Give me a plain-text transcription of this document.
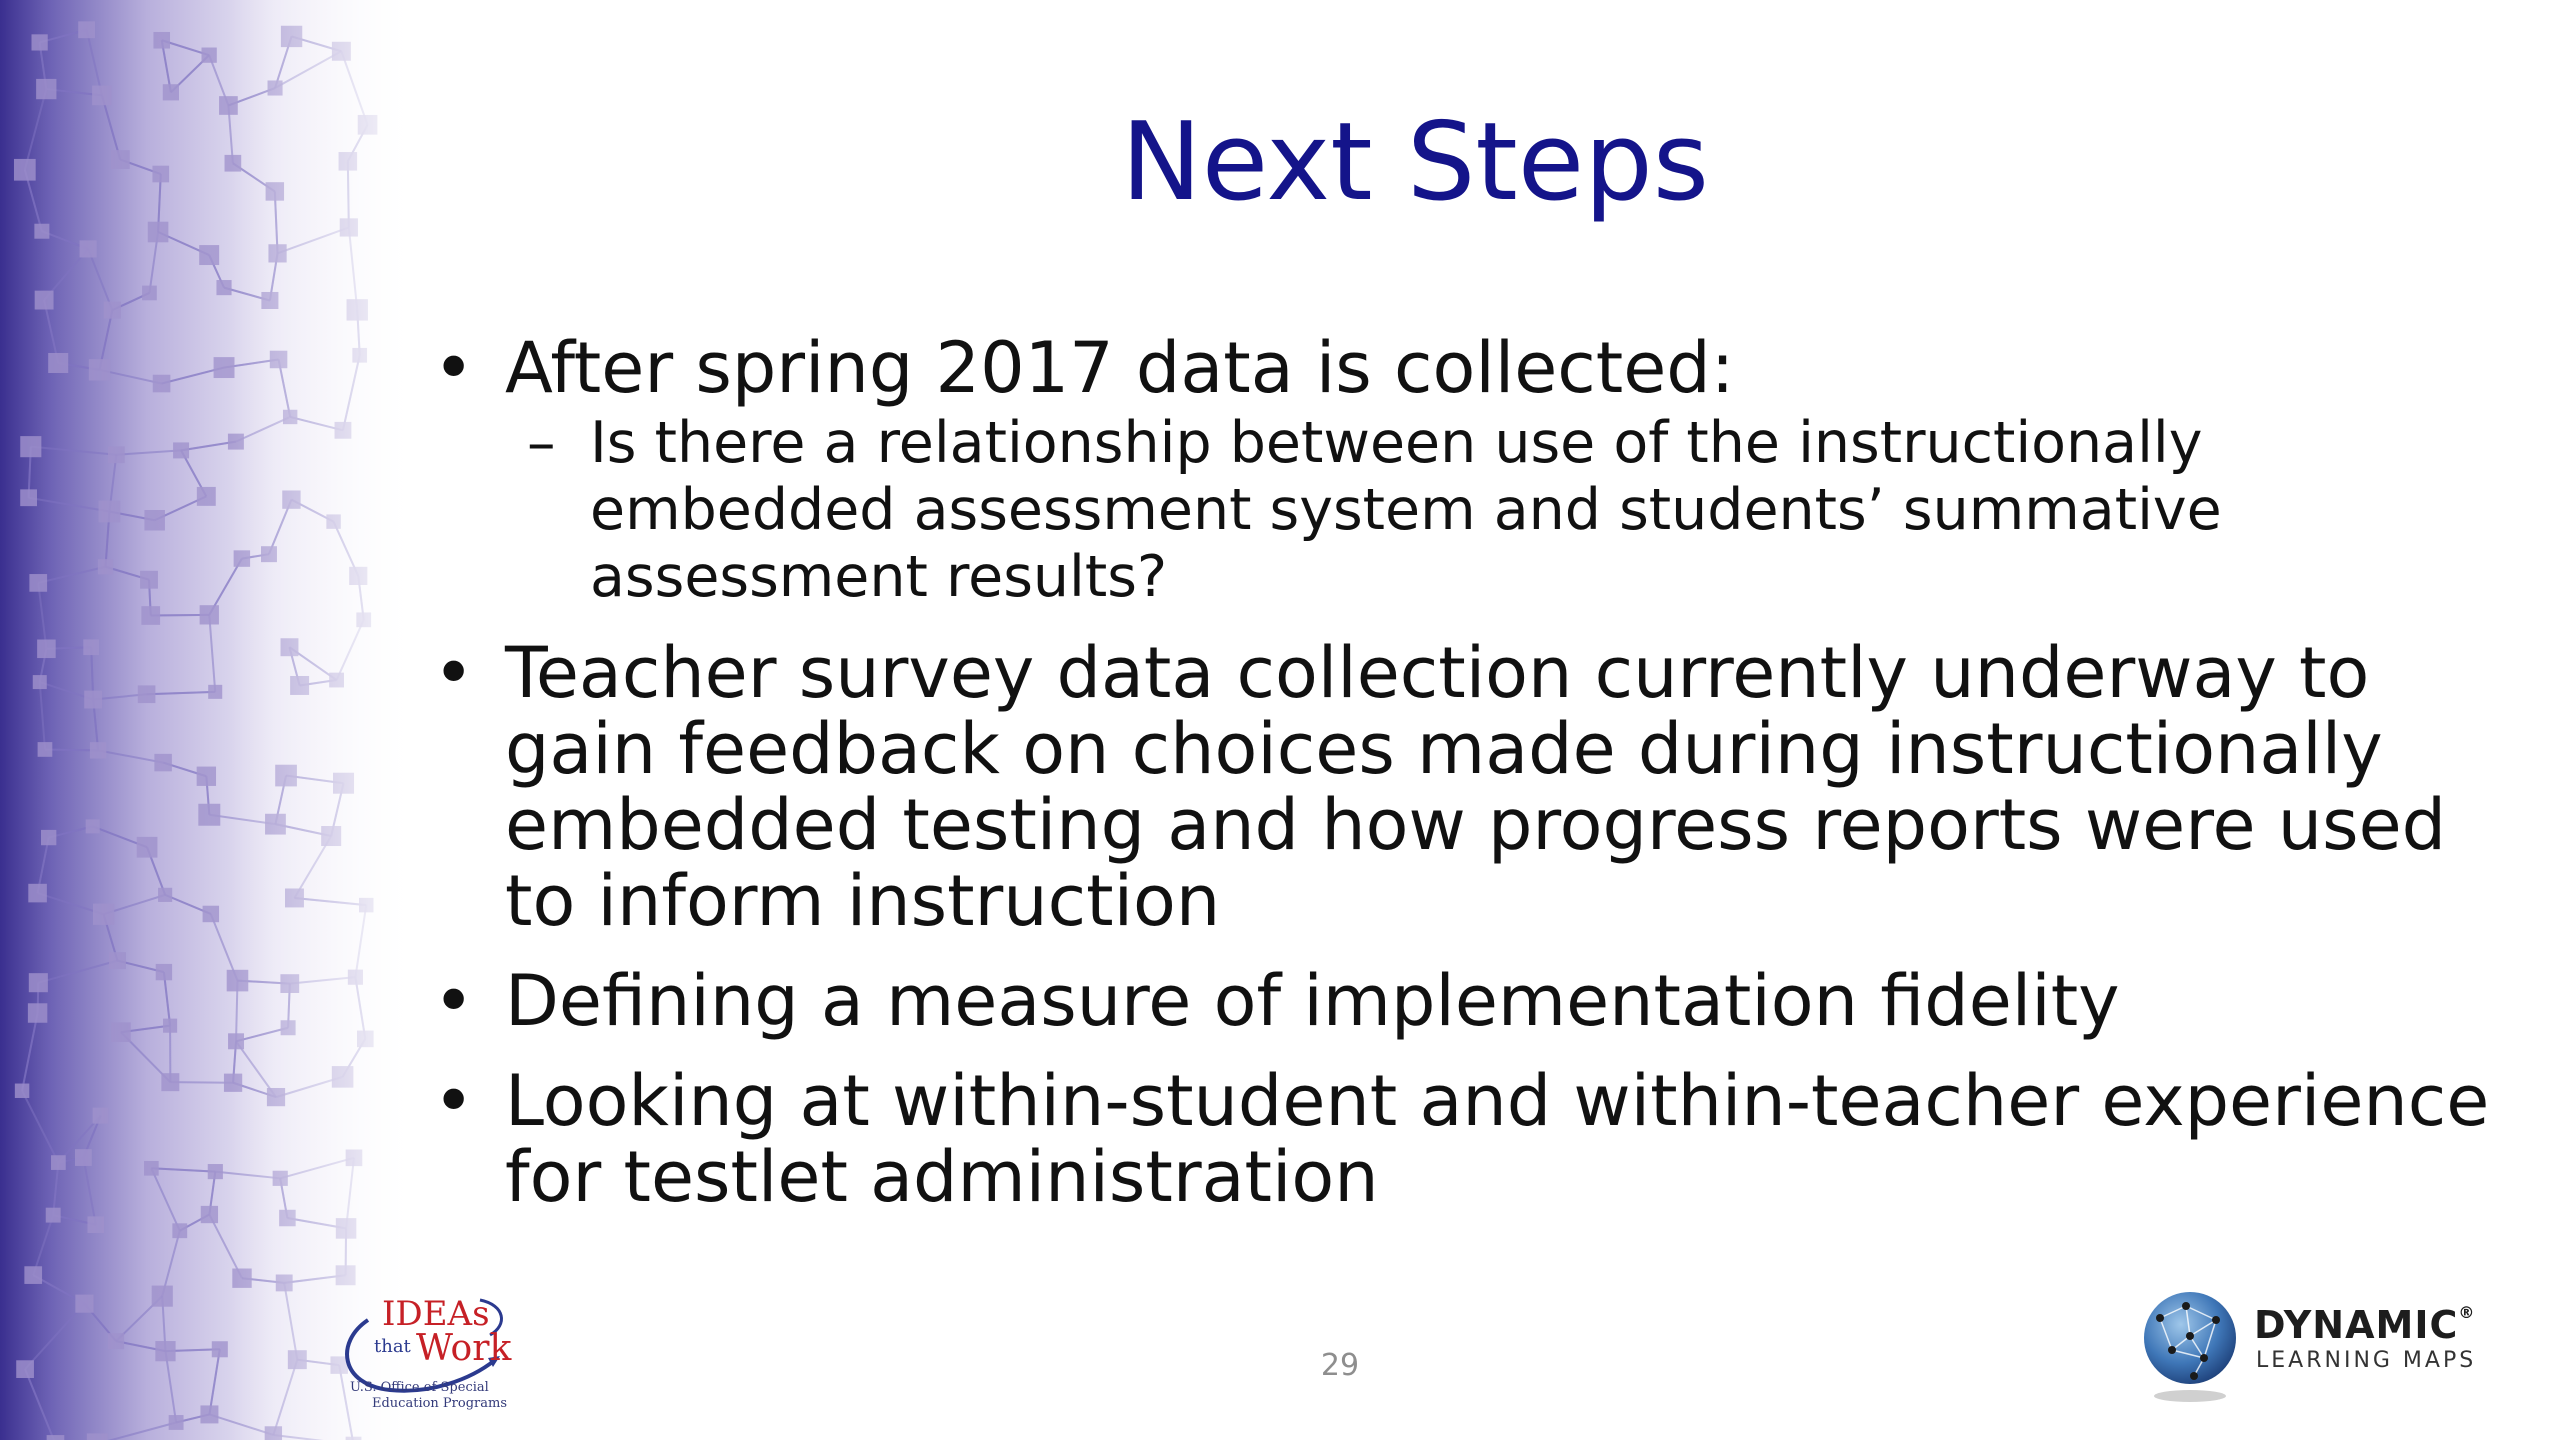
Next Steps
• After spring 2017 data is collected:
– Is there a relationship between use of the instructionally embedded assessment system and students’ summative assessment results?
• Teacher survey data collection currently underway to gain feedback on choices made during instructionally embedded testing and how progress reports were used to inform instruction
• Defining a measure of implementation fidelity
• Looking at within-student and within-teacher experience for testlet administration
29
IDEAs
that Work
U.S. Office of Special
Education Programs
DYNAMIC®
LEARNING MAPS
